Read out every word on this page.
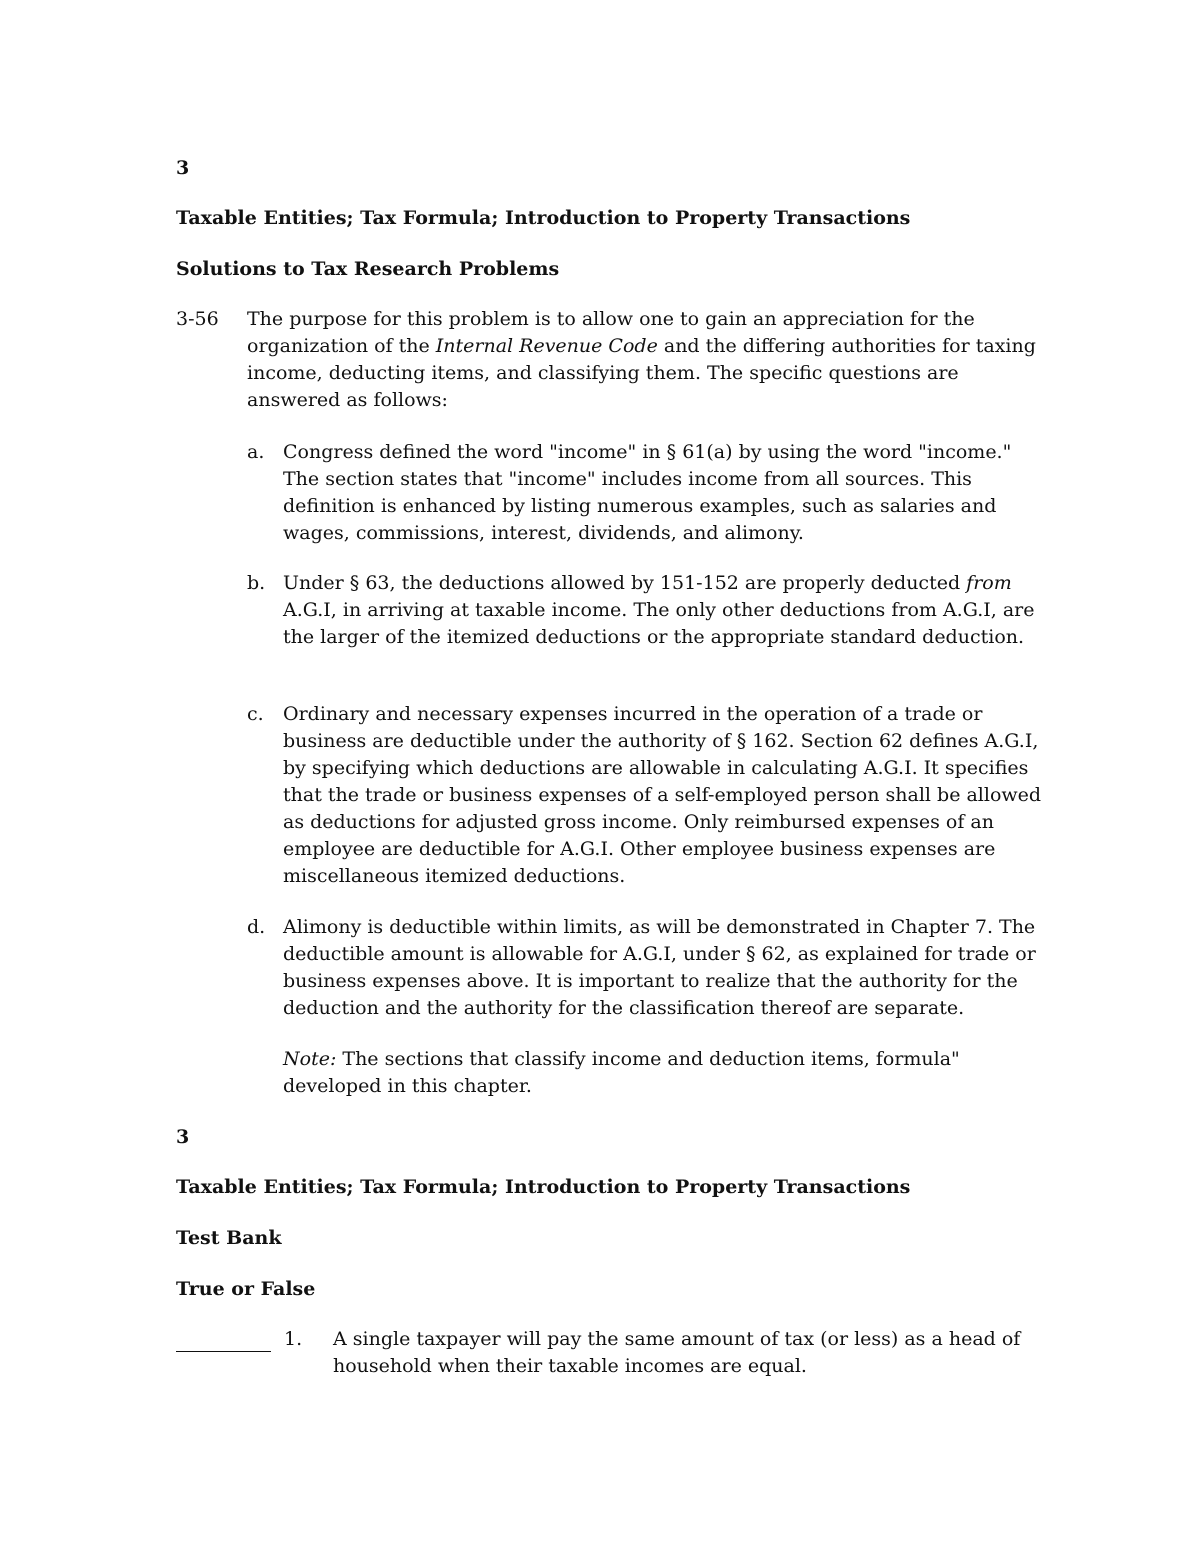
3

Taxable Entities; Tax Formula; Introduction to Property Transactions

Solutions to Tax Research Problems

3-56	The purpose for this problem is to allow one to gain an appreciation for the organization of the Internal Revenue Code and the differing authorities for taxing income, deducting items, and classifying them. The specific questions are answered as follows:

a. Congress defined the word "income" in § 61(a) by using the word "income." The section states that "income" includes income from all sources. This definition is enhanced by listing numerous examples, such as salaries and wages, commissions, interest, dividends, and alimony.

b. Under § 63, the deductions allowed by 151-152 are properly deducted from A.G.I, in arriving at taxable income. The only other deductions from A.G.I, are the larger of the itemized deductions or the appropriate standard deduction.

c.	Ordinary and necessary expenses incurred in the operation of a trade or business are deductible under the authority of § 162. Section 62 defines A.G.I, by specifying which deductions are allowable in calculating A.G.I. It specifies that the trade or business expenses of a self-employed person shall be allowed as deductions for adjusted gross income. Only reimbursed expenses of an employee are deductible for A.G.I. Other employee business expenses are miscellaneous itemized deductions.

d. Alimony is deductible within limits, as will be demonstrated in Chapter 7. The deductible amount is allowable for A.G.I, under § 62, as explained for trade or business expenses above. It is important to realize that the authority for the deduction and the authority for the classification thereof are separate.

Note: The sections that classify income and deduction items, formula" developed in this chapter.

3

Taxable Entities; Tax Formula; Introduction to Property Transactions

Test Bank

True or False

1.	A single taxpayer will pay the same amount of tax (or less) as a head of household when their taxable incomes are equal.
